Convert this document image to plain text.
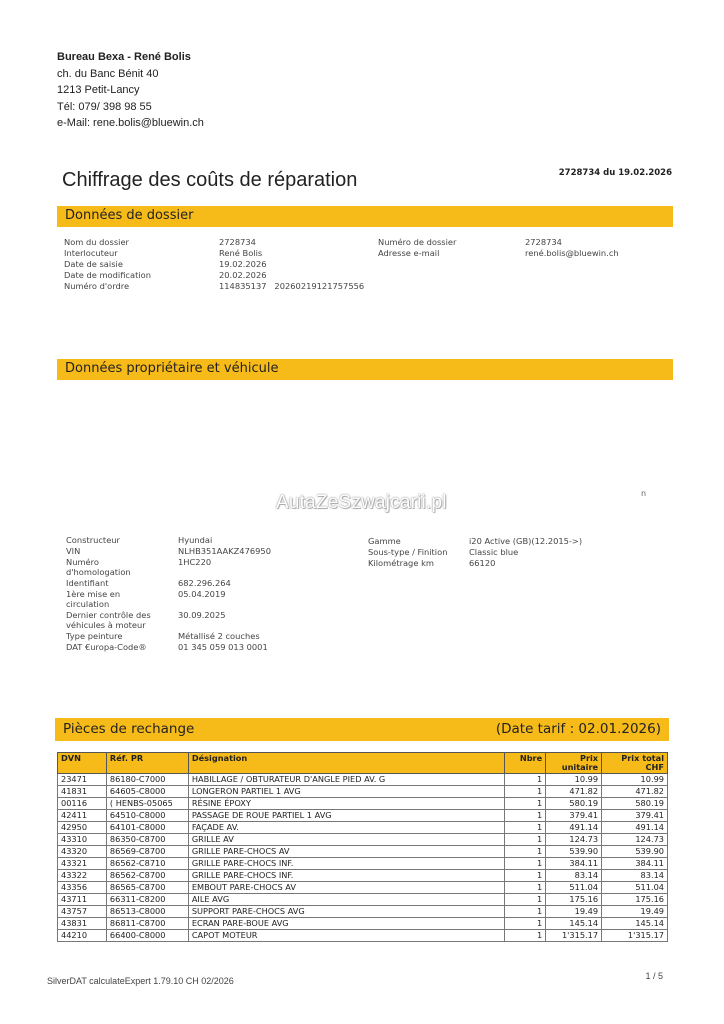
Bureau Bexa - René Bolis
ch. du Banc Bénit 40
1213 Petit-Lancy
Tél: 079/ 398 98 55
e-Mail: rene.bolis@bluewin.ch
Chiffrage des coûts de réparation	2728734 du 19.02.2026
Données de dossier
Nom du dossier	2728734
Interlocuteur	René Bolis
Date de saisie	19.02.2026
Date de modification	20.02.2026
Numéro d'ordre	114835137   20260219121757556
Numéro de dossier	2728734
Adresse e-mail	rené.bolis@bluewin.ch
Données propriétaire et véhicule
AutaZeSzwajcarii.pl	n
Constructeur	Hyundai
VIN	NLHB351AAKZ476950
Numéro
d'homologation
1HC220
Identifiant	682.296.264
1ère mise en
circulation
05.04.2019
Dernier contrôle des
véhicules à moteur
30.09.2025
Type peinture	Métallisé 2 couches
DAT €uropa-Code®	01 345 059 013 0001
Gamme	i20 Active (GB)(12.2015->)
Sous-type / Finition	Classic blue
Kilométrage km	66120
Pièces de rechange	(Date tarif : 02.01.2026)
DVN	Réf. PR	Désignation	Nbre	Prix
unitaire	Prix total
CHF
23471	86180-C7000	HABILLAGE / OBTURATEUR D'ANGLE PIED AV. G	1	10.99	10.99
41831	64605-C8000	LONGERON PARTIEL 1 AVG	1	471.82	471.82
00116	( HENBS-05065	RÉSINE ÉPOXY	1	580.19	580.19
42411	64510-C8000	PASSAGE DE ROUE PARTIEL 1 AVG	1	379.41	379.41
42950	64101-C8000	FAÇADE AV.	1	491.14	491.14
43310	86350-C8700	GRILLE AV	1	124.73	124.73
43320	86569-C8700	GRILLE PARE-CHOCS AV	1	539.90	539.90
43321	86562-C8710	GRILLE PARE-CHOCS INF.	1	384.11	384.11
43322	86562-C8700	GRILLE PARE-CHOCS INF.	1	83.14	83.14
43356	86565-C8700	EMBOUT PARE-CHOCS AV	1	511.04	511.04
43711	66311-C8200	AILE AVG	1	175.16	175.16
43757	86513-C8000	SUPPORT PARE-CHOCS AVG	1	19.49	19.49
43831	86811-C8700	ECRAN PARE-BOUE AVG	1	145.14	145.14
44210	66400-C8000	CAPOT MOTEUR	1	1'315.17	1'315.17
SilverDAT calculateExpert 1.79.10 CH 02/2026	1 / 5
